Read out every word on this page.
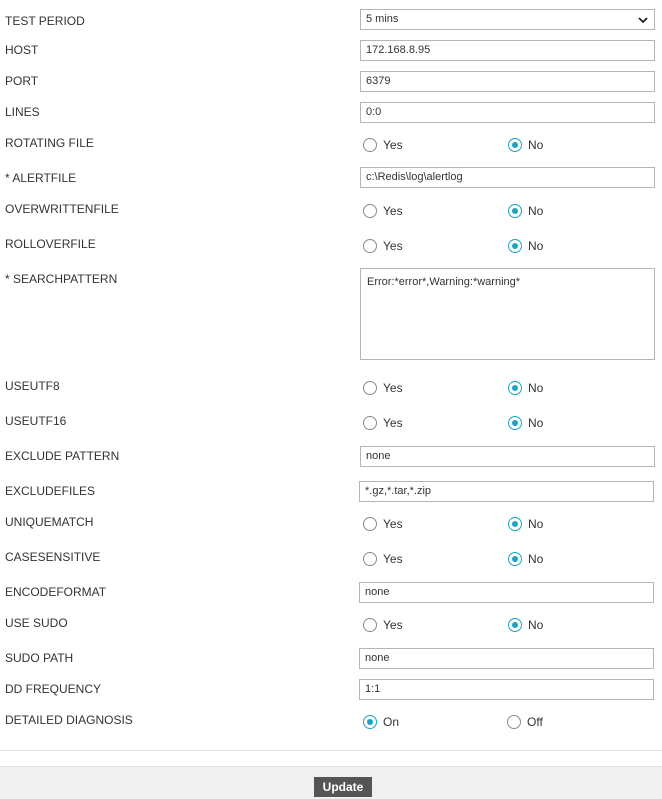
TEST PERIOD	5 mins
HOST	172.168.8.95
PORT	6379
LINES	0:0
ROTATING FILE	Yes	No
* ALERTFILE	c:\Redis\log\alertlog
OVERWRITTENFILE	Yes	No
ROLLOVERFILE	Yes	No
* SEARCHPATTERN	Error:*error*,Warning:*warning*
USEUTF8	Yes	No
USEUTF16	Yes	No
EXCLUDE PATTERN	none
EXCLUDEFILES	*.gz,*.tar,*.zip
UNIQUEMATCH	Yes	No
CASESENSITIVE	Yes	No
ENCODEFORMAT	none
USE SUDO	Yes	No
SUDO PATH	none
DD FREQUENCY	1:1
DETAILED DIAGNOSIS	On	Off
Update
